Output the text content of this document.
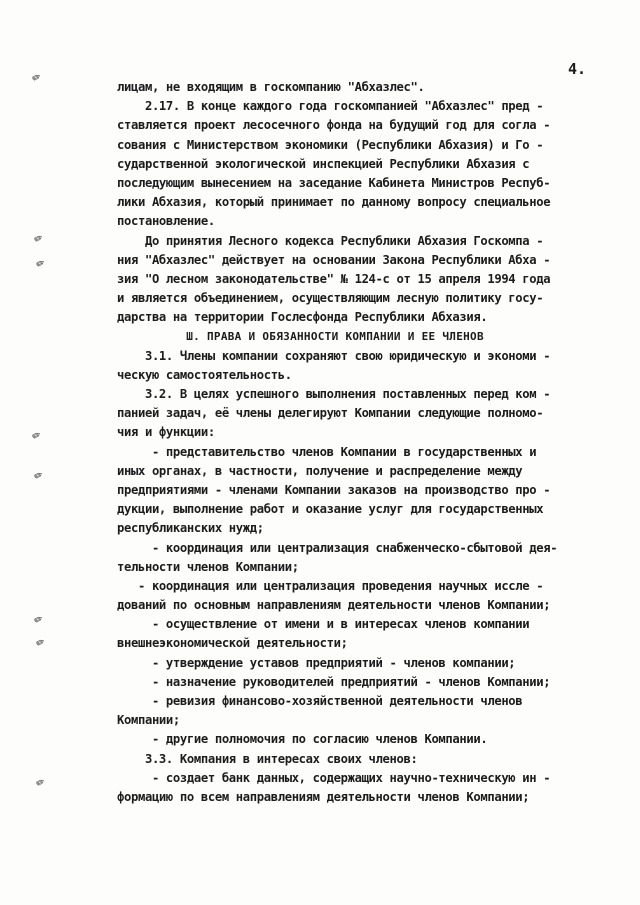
4.
✎
✎
✎
✎
✎
✎
✎
✎
лицам, не входящим в госкомпанию "Абхазлес".
2.17. В конце каждого года госкомпанией "Абхазлес" пред -
ставляется проект лесосечного фонда на будущий год для согла -
сования с Министерством экономики (Республики Абхазия) и Го -
сударственной экологической инспекцией Республики Абхазия с
последующим вынесением на заседание Кабинета Министров Респуб-
лики Абхазия, который принимает по данному вопросу специальное
постановление.
До принятия Лесного кодекса Республики Абхазия Госкомпа -
ния "Абхазлес" действует на основании Закона Республики Абха -
зия "О лесном законодательстве" № 124-с от 15 апреля 1994 года
и является объединением, осуществляющим лесную политику госу-
дарства на территории Гослесфонда Республики Абхазия.
Ш. ПРАВА И ОБЯЗАННОСТИ КОМПАНИИ И ЕЕ ЧЛЕНОВ
3.1. Члены компании сохраняют свою юридическую и экономи -
ческую самостоятельность.
3.2. В целях успешного выполнения поставленных перед ком -
панией задач, её члены делегируют Компании следующие полномо-
чия и функции:
- представительство членов Компании в государственных и
иных органах, в частности, получение и распределение между
предприятиями - членами Компании заказов на производство про -
дукции, выполнение работ и оказание услуг для государственных
республиканских нужд;
- координация или централизация снабженческо-сбытовой дея-
тельности членов Компании;
- координация или централизация проведения научных иссле -
дований по основным направлениям деятельности членов Компании;
- осуществление от имени и в интересах членов компании
внешнеэкономической деятельности;
- утверждение уставов предприятий - членов компании;
- назначение руководителей предприятий - членов Компании;
- ревизия финансово-хозяйственной деятельности членов
Компании;
- другие полномочия по согласию членов Компании.
3.3. Компания в интересах своих членов:
- создает банк данных, содержащих научно-техническую ин -
формацию по всем направлениям деятельности членов Компании;
